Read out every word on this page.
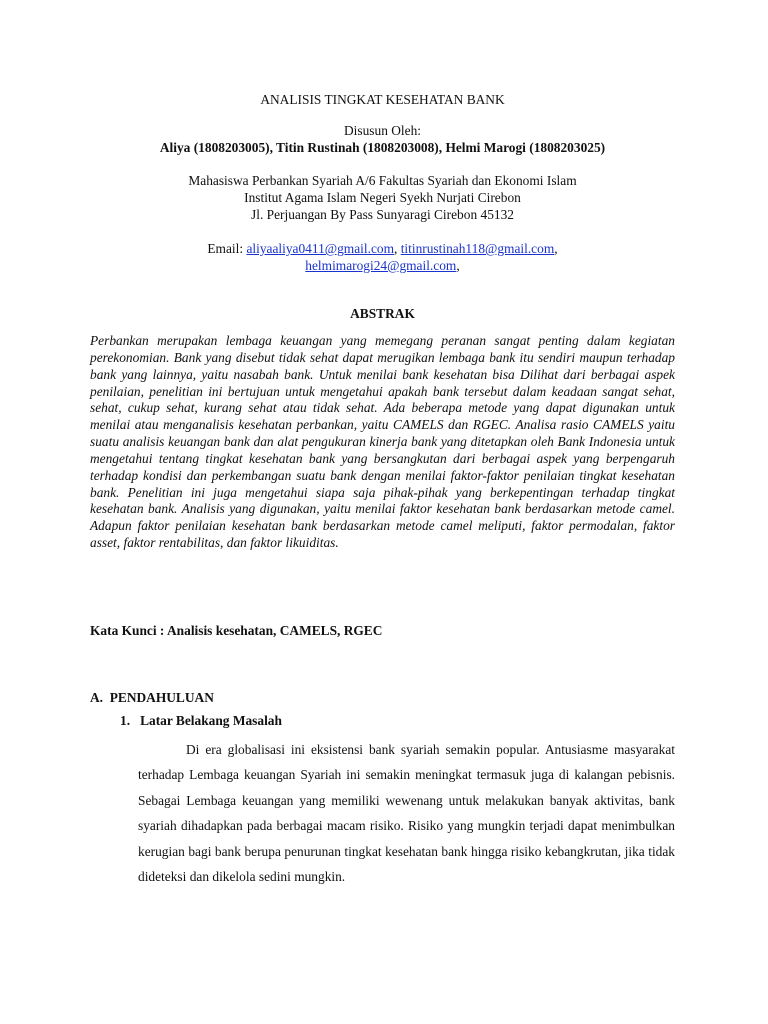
ANALISIS TINGKAT KESEHATAN BANK
Disusun Oleh:
Aliya (1808203005), Titin Rustinah (1808203008), Helmi Marogi (1808203025)
Mahasiswa Perbankan Syariah A/6 Fakultas Syariah dan Ekonomi Islam
Institut Agama Islam Negeri Syekh Nurjati Cirebon
Jl. Perjuangan By Pass Sunyaragi Cirebon 45132
Email: aliyaaliya0411@gmail.com, titinrustinah118@gmail.com,
helmimarogi24@gmail.com,
ABSTRAK
Perbankan merupakan lembaga keuangan yang memegang peranan sangat penting dalam kegiatan perekonomian. Bank yang disebut tidak sehat dapat merugikan lembaga bank itu sendiri maupun terhadap bank yang lainnya, yaitu nasabah bank. Untuk menilai bank kesehatan bisa Dilihat dari berbagai aspek penilaian, penelitian ini bertujuan untuk mengetahui apakah bank tersebut dalam keadaan sangat sehat, sehat, cukup sehat, kurang sehat atau tidak sehat. Ada beberapa metode yang dapat digunakan untuk menilai atau menganalisis kesehatan perbankan, yaitu CAMELS dan RGEC. Analisa rasio CAMELS yaitu suatu analisis keuangan bank dan alat pengukuran kinerja bank yang ditetapkan oleh Bank Indonesia untuk mengetahui tentang tingkat kesehatan bank yang bersangkutan dari berbagai aspek yang berpengaruh terhadap kondisi dan perkembangan suatu bank dengan menilai faktor-faktor penilaian tingkat kesehatan bank. Penelitian ini juga mengetahui siapa saja pihak-pihak yang berkepentingan terhadap tingkat kesehatan bank. Analisis yang digunakan, yaitu menilai faktor kesehatan bank berdasarkan metode camel. Adapun faktor penilaian kesehatan bank berdasarkan metode camel meliputi, faktor permodalan, faktor asset, faktor rentabilitas, dan faktor likuiditas.
Kata Kunci : Analisis kesehatan, CAMELS, RGEC
A.  PENDAHULUAN
1.   Latar Belakang Masalah
Di era globalisasi ini eksistensi bank syariah semakin popular. Antusiasme masyarakat terhadap Lembaga keuangan Syariah ini semakin meningkat termasuk juga di kalangan pebisnis. Sebagai Lembaga keuangan yang memiliki wewenang untuk melakukan banyak aktivitas, bank syariah dihadapkan pada berbagai macam risiko. Risiko yang mungkin terjadi dapat menimbulkan kerugian bagi bank berupa penurunan tingkat kesehatan bank hingga risiko kebangkrutan, jika tidak dideteksi dan dikelola sedini mungkin.
